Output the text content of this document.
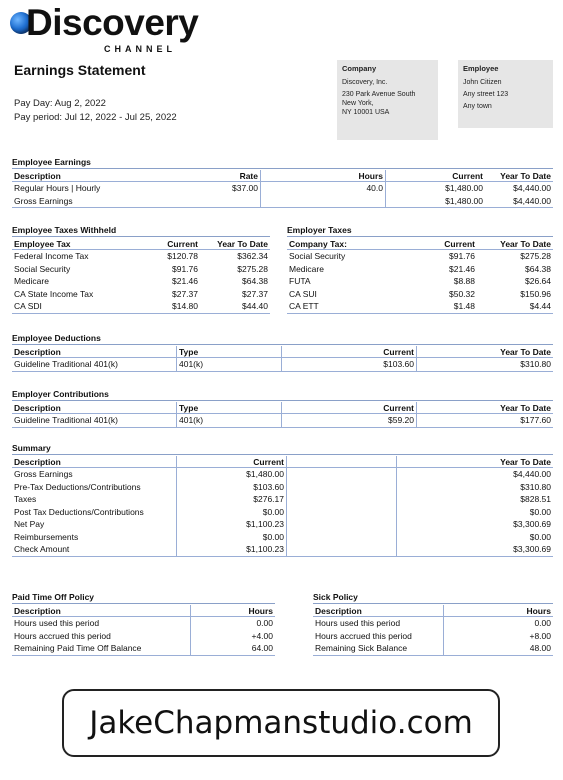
Discovery
CHANNEL
Earnings Statement
Pay Day: Aug 2, 2022
Pay period: Jul 12, 2022 - Jul 25, 2022
Company
Discovery, Inc.
230 Park Avenue South
New York,
NY 10001 USA
Employee
John Citizen
Any street 123
Any town
Employee Earnings
Description	Rate	Hours	Current	Year To Date
Regular Hours | Hourly	$37.00	40.0	$1,480.00	$4,440.00
Gross Earnings			$1,480.00	$4,440.00
Employee Taxes Withheld
Employee Tax	Current	Year To Date
Federal Income Tax	$120.78	$362.34
Social Security	$91.76	$275.28
Medicare	$21.46	$64.38
CA State Income Tax	$27.37	$27.37
CA SDI	$14.80	$44.40
Employer Taxes
Company Tax:	Current	Year To Date
Social Security	$91.76	$275.28
Medicare	$21.46	$64.38
FUTA	$8.88	$26.64
CA SUI	$50.32	$150.96
CA ETT	$1.48	$4.44
Employee Deductions
Description	Type	Current	Year To Date
Guideline Traditional 401(k)	401(k)	$103.60	$310.80
Employer Contributions
Description	Type	Current	Year To Date
Guideline Traditional 401(k)	401(k)	$59.20	$177.60
Summary
Description	Current		Year To Date
Gross Earnings	$1,480.00		$4,440.00
Pre-Tax Deductions/Contributions	$103.60		$310.80
Taxes	$276.17		$828.51
Post Tax Deductions/Contributions	$0.00		$0.00
Net Pay	$1,100.23		$3,300.69
Reimbursements	$0.00		$0.00
Check Amount	$1,100.23		$3,300.69
Paid Time Off Policy
Description	Hours
Hours used this period	0.00
Hours accrued this period	+4.00
Remaining Paid Time Off Balance	64.00
Sick Policy
Description	Hours
Hours used this period	0.00
Hours accrued this period	+8.00
Remaining Sick Balance	48.00
JakeChapmanstudio.com
